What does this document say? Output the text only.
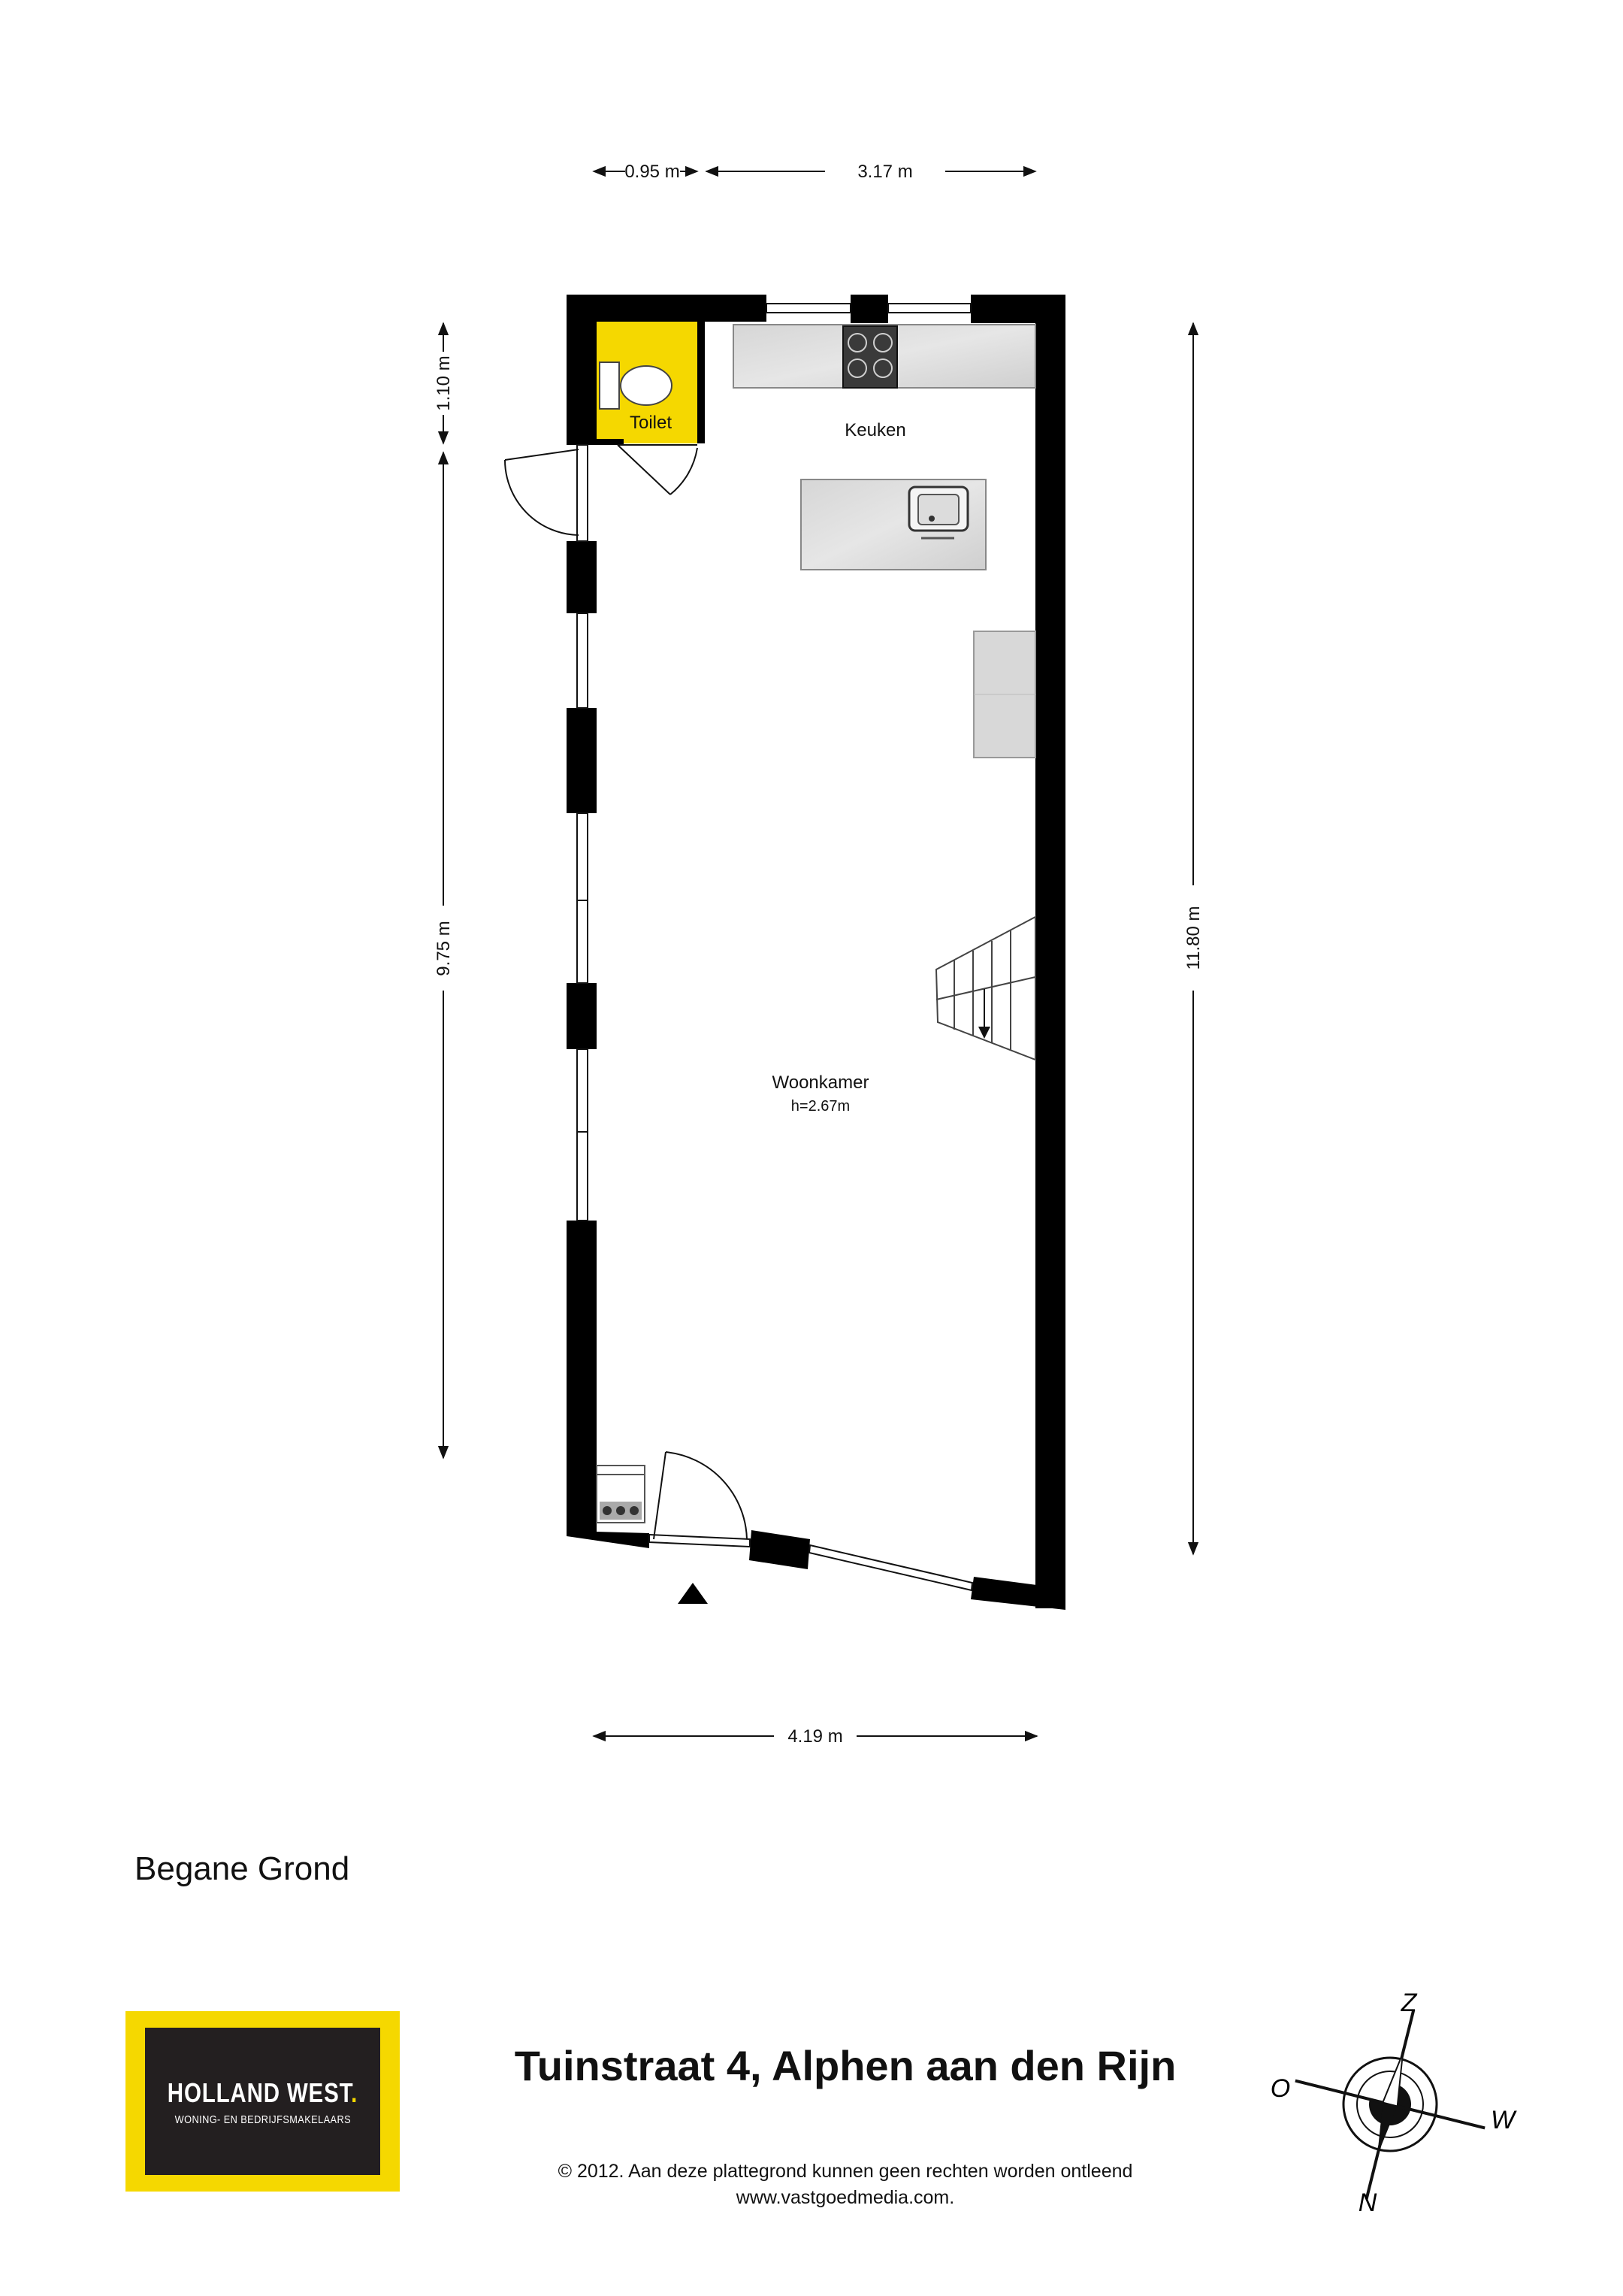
0.95 m	3.17 m
1.10 m
9.75 m	11.80 m
4.19 m
Toilet	Keuken
Woonkamer
h=2.67m
Begane Grond
HOLLAND WEST.
WONING- EN BEDRIJFSMAKELAARS
Tuinstraat 4, Alphen aan den Rijn
© 2012. Aan deze plattegrond kunnen geen rechten worden ontleend
www.vastgoedmedia.com.
Z
N
O
W
